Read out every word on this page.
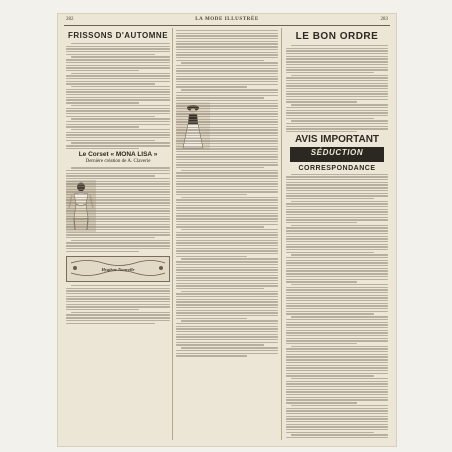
282	LA MODE ILLUSTRÉE	283
FRISSONS D'AUTOMNE
Le Corset « MONA LISA »
Dernière création de A. Claverie
Hygiène Nouvelle
LE BON ORDRE
AVIS IMPORTANT
SÉDUCTION
CORRESPONDANCE
